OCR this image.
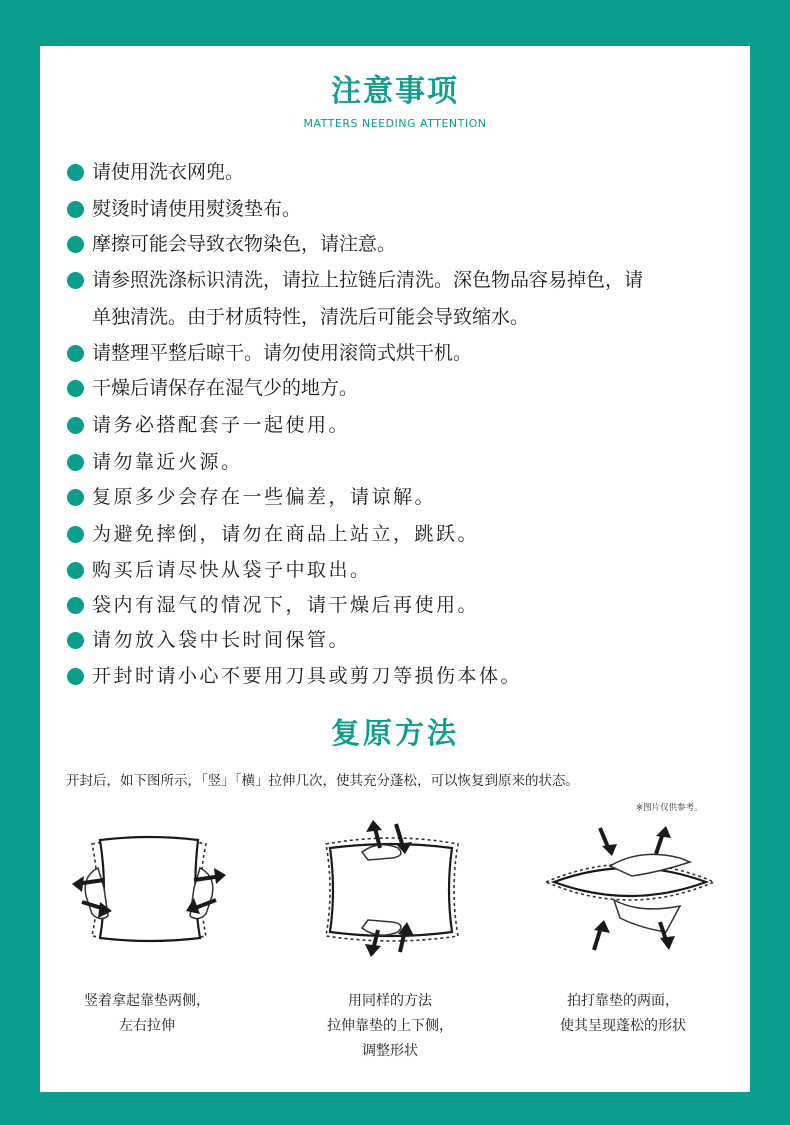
注意事项
MATTERS NEEDING ATTENTION
请使用洗衣网兜。
熨烫时请使用熨烫垫布。
摩擦可能会导致衣物染色，请注意。
请参照洗涤标识清洗，请拉上拉链后清洗。深色物品容易掉色，请
单独清洗。由于材质特性，清洗后可能会导致缩水。
请整理平整后晾干。请勿使用滚筒式烘干机。
干燥后请保存在湿气少的地方。
请务必搭配套子一起使用。
请勿靠近火源。
复原多少会存在一些偏差，请谅解。
为避免摔倒，请勿在商品上站立，跳跃。
购买后请尽快从袋子中取出。
袋内有湿气的情况下，请干燥后再使用。
请勿放入袋中长时间保管。
开封时请小心不要用刀具或剪刀等损伤本体。
复原方法
开封后，如下图所示，「竖」「横」拉伸几次，使其充分蓬松，可以恢复到原来的状态。
※图片仅供参考。
竖着拿起靠垫两侧，
左右拉伸
用同样的方法
拉伸靠垫的上下侧，
调整形状
拍打靠垫的两面，
使其呈现蓬松的形状
